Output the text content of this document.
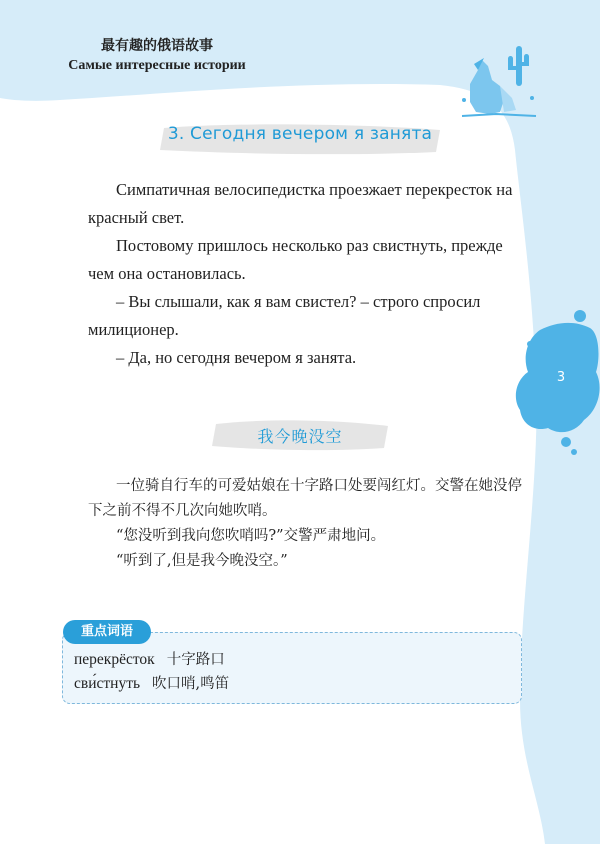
最有趣的俄语故事
Самые интересные истории
3. Сегодня вечером я занята

Симпатичная велосипедистка проезжает перекресток на красный свет.

Постовому пришлось несколько раз свистнуть, прежде чем она остановилась.

– Вы слышали, как я вам свистел? – строго спросил милиционер.

– Да, но сегодня вечером я занята.

3
我今晚没空

一位骑自行车的可爱姑娘在十字路口处要闯红灯。交警在她没停下之前不得不几次向她吹哨。

“您没听到我向您吹哨吗?”交警严肃地问。

“听到了,但是我今晚没空。”

重点词语
перекрёсток 十字路口
сви́стнуть 吹口哨,鸣笛
